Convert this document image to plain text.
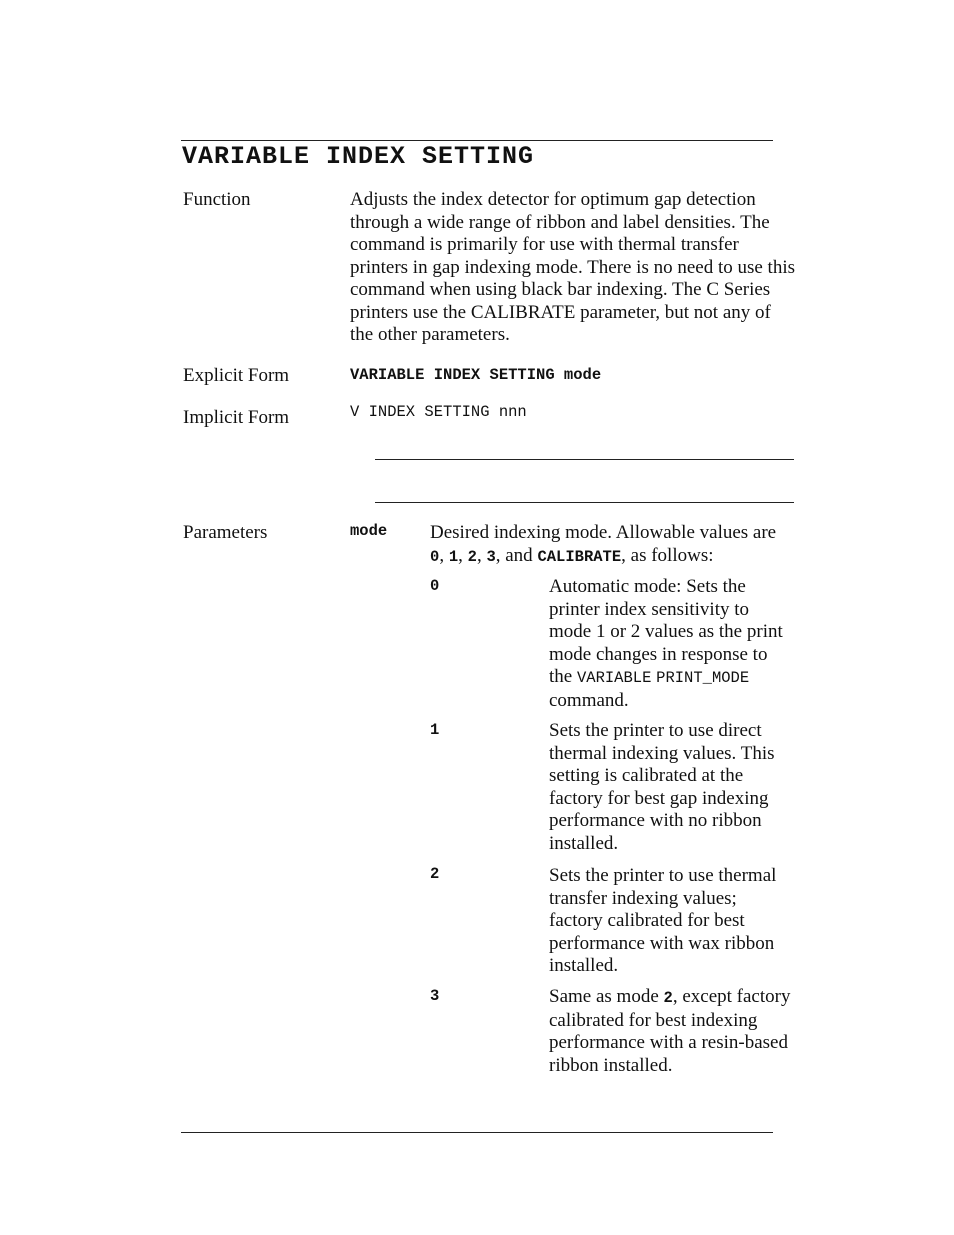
VARIABLE INDEX SETTING
Function	Adjusts the index detector for optimum gap detection through a wide range of ribbon and label densities. The command is primarily for use with thermal transfer printers in gap indexing mode. There is no need to use this command when using black bar indexing. The C Series printers use the CALIBRATE parameter, but not any of the other parameters.
Explicit Form	VARIABLE INDEX SETTING mode
Implicit Form	V INDEX SETTING nnn
Parameters	mode Desired indexing mode. Allowable values are 0, 1, 2, 3, and CALIBRATE, as follows:
0	Automatic mode: Sets the printer index sensitivity to mode 1 or 2 values as the print mode changes in response to the VARIABLE PRINT_MODE command.
1	Sets the printer to use direct thermal indexing values. This setting is calibrated at the factory for best gap indexing performance with no ribbon installed.
2	Sets the printer to use thermal transfer indexing values; factory calibrated for best performance with wax ribbon installed.
3	Same as mode 2, except factory calibrated for best indexing performance with a resin-based ribbon installed.
